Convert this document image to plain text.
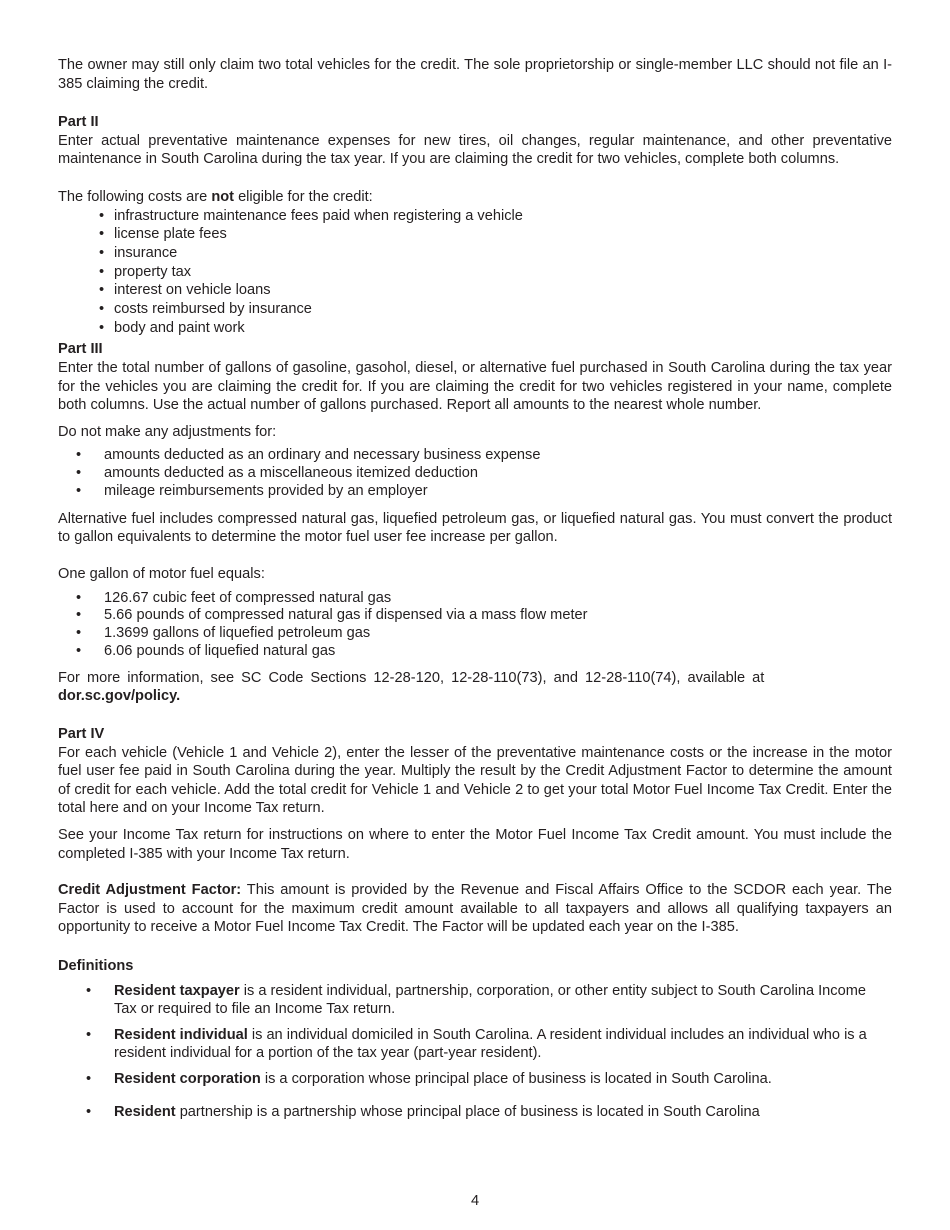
The owner may still only claim two total vehicles for the credit. The sole proprietorship or single-member LLC should not file an I-385 claiming the credit.

Part II

Enter actual preventative maintenance expenses for new tires, oil changes, regular maintenance, and other preventative maintenance in South Carolina during the tax year. If you are claiming the credit for two vehicles, complete both columns.

The following costs are not eligible for the credit:

• infrastructure maintenance fees paid when registering a vehicle
• license plate fees
• insurance
• property tax
• interest on vehicle loans
• costs reimbursed by insurance
• body and paint work
Part III

Enter the total number of gallons of gasoline, gasohol, diesel, or alternative fuel purchased in South Carolina during the tax year for the vehicles you are claiming the credit for. If you are claiming the credit for two vehicles registered in your name, complete both columns. Use the actual number of gallons purchased. Report all amounts to the nearest whole number.

Do not make any adjustments for:

• amounts deducted as an ordinary and necessary business expense
• amounts deducted as a miscellaneous itemized deduction
• mileage reimbursements provided by an employer

Alternative fuel includes compressed natural gas, liquefied petroleum gas, or liquefied natural gas. You must convert the product to gallon equivalents to determine the motor fuel user fee increase per gallon.

One gallon of motor fuel equals:

• 126.67 cubic feet of compressed natural gas
• 5.66 pounds of compressed natural gas if dispensed via a mass flow meter
• 1.3699 gallons of liquefied petroleum gas
• 6.06 pounds of liquefied natural gas

For more information, see SC Code Sections 12-28-120, 12-28-110(73), and 12-28-110(74), available at

dor.sc.gov/policy.
Part IV

For each vehicle (Vehicle 1 and Vehicle 2), enter the lesser of the preventative maintenance costs or the increase in the motor fuel user fee paid in South Carolina during the year. Multiply the result by the Credit Adjustment Factor to determine the amount of credit for each vehicle. Add the total credit for Vehicle 1 and Vehicle 2 to get your total Motor Fuel Income Tax Credit. Enter the total here and on your Income Tax return.

See your Income Tax return for instructions on where to enter the Motor Fuel Income Tax Credit amount. You must include the completed I-385 with your Income Tax return.

Credit Adjustment Factor: This amount is provided by the Revenue and Fiscal Affairs Office to the SCDOR each year. The Factor is used to account for the maximum credit amount available to all taxpayers and allows all qualifying taxpayers an opportunity to receive a Motor Fuel Income Tax Credit. The Factor will be updated each year on the I-385.

Definitions
• Resident taxpayer is a resident individual, partnership, corporation, or other entity subject to South Carolina Income Tax or required to file an Income Tax return.
• Resident individual is an individual domiciled in South Carolina. A resident individual includes an individual who is a resident individual for a portion of the tax year (part-year resident).
• Resident corporation is a corporation whose principal place of business is located in South Carolina.
• Resident partnership is a partnership whose principal place of business is located in South Carolina
4
